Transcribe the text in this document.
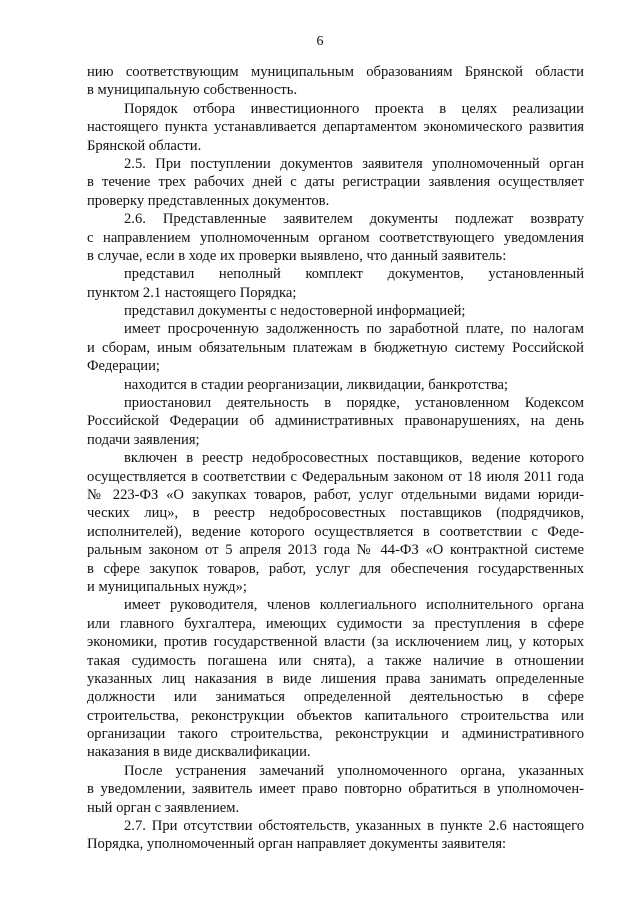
6
нию соответствующим муниципальным образованиям Брянской области
в муниципальную собственность.
Порядок отбора инвестиционного проекта в целях реализации
настоящего пункта устанавливается департаментом экономического развития
Брянской области.
2.5. При поступлении документов заявителя уполномоченный орган
в течение трех рабочих дней с даты регистрации заявления осуществляет
проверку представленных документов.
2.6. Представленные заявителем документы подлежат возврату
с направлением уполномоченным органом соответствующего уведомления
в случае, если в ходе их проверки выявлено, что данный заявитель:
представил неполный комплект документов, установленный
пунктом 2.1 настоящего Порядка;
представил документы с недостоверной информацией;
имеет просроченную задолженность по заработной плате, по налогам
и сборам, иным обязательным платежам в бюджетную систему Российской
Федерации;
находится в стадии реорганизации, ликвидации, банкротства;
приостановил деятельность в порядке, установленном Кодексом
Российской Федерации об административных правонарушениях, на день
подачи заявления;
включен в реестр недобросовестных поставщиков, ведение которого
осуществляется в соответствии с Федеральным законом от 18 июля 2011 года
№ 223-ФЗ «О закупках товаров, работ, услуг отдельными видами юриди-
ческих лиц», в реестр недобросовестных поставщиков (подрядчиков,
исполнителей), ведение которого осуществляется в соответствии с Феде-
ральным законом от 5 апреля 2013 года № 44-ФЗ «О контрактной системе
в сфере закупок товаров, работ, услуг для обеспечения государственных
и муниципальных нужд»;
имеет руководителя, членов коллегиального исполнительного органа
или главного бухгалтера, имеющих судимости за преступления в сфере
экономики, против государственной власти (за исключением лиц, у которых
такая судимость погашена или снята), а также наличие в отношении
указанных лиц наказания в виде лишения права занимать определенные
должности или заниматься определенной деятельностью в сфере
строительства, реконструкции объектов капитального строительства или
организации такого строительства, реконструкции и административного
наказания в виде дисквалификации.
После устранения замечаний уполномоченного органа, указанных
в уведомлении, заявитель имеет право повторно обратиться в уполномочен-
ный орган с заявлением.
2.7. При отсутствии обстоятельств, указанных в пункте 2.6 настоящего
Порядка, уполномоченный орган направляет документы заявителя:
